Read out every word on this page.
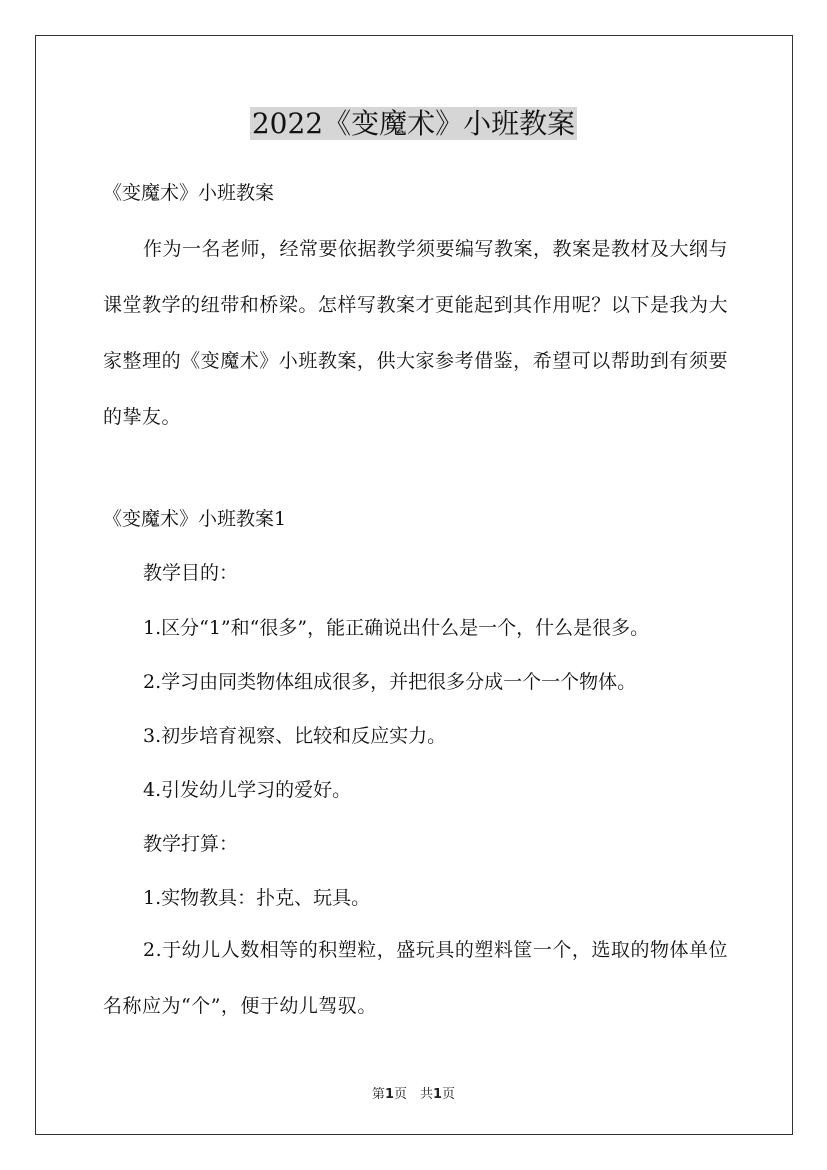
2022《变魔术》小班教案
《变魔术》小班教案
作为一名老师，经常要依据教学须要编写教案，教案是教材及大纲与课堂教学的纽带和桥梁。怎样写教案才更能起到其作用呢？以下是我为大家整理的《变魔术》小班教案，供大家参考借鉴，希望可以帮助到有须要的挚友。
《变魔术》小班教案1
教学目的：
1.区分“1”和“很多”，能正确说出什么是一个，什么是很多。
2.学习由同类物体组成很多，并把很多分成一个一个物体。
3.初步培育视察、比较和反应实力。
4.引发幼儿学习的爱好。
教学打算：
1.实物教具：扑克、玩具。
2.于幼儿人数相等的积塑粒，盛玩具的塑料筐一个，选取的物体单位名称应为“个”，便于幼儿驾驭。
第1页　共1页
